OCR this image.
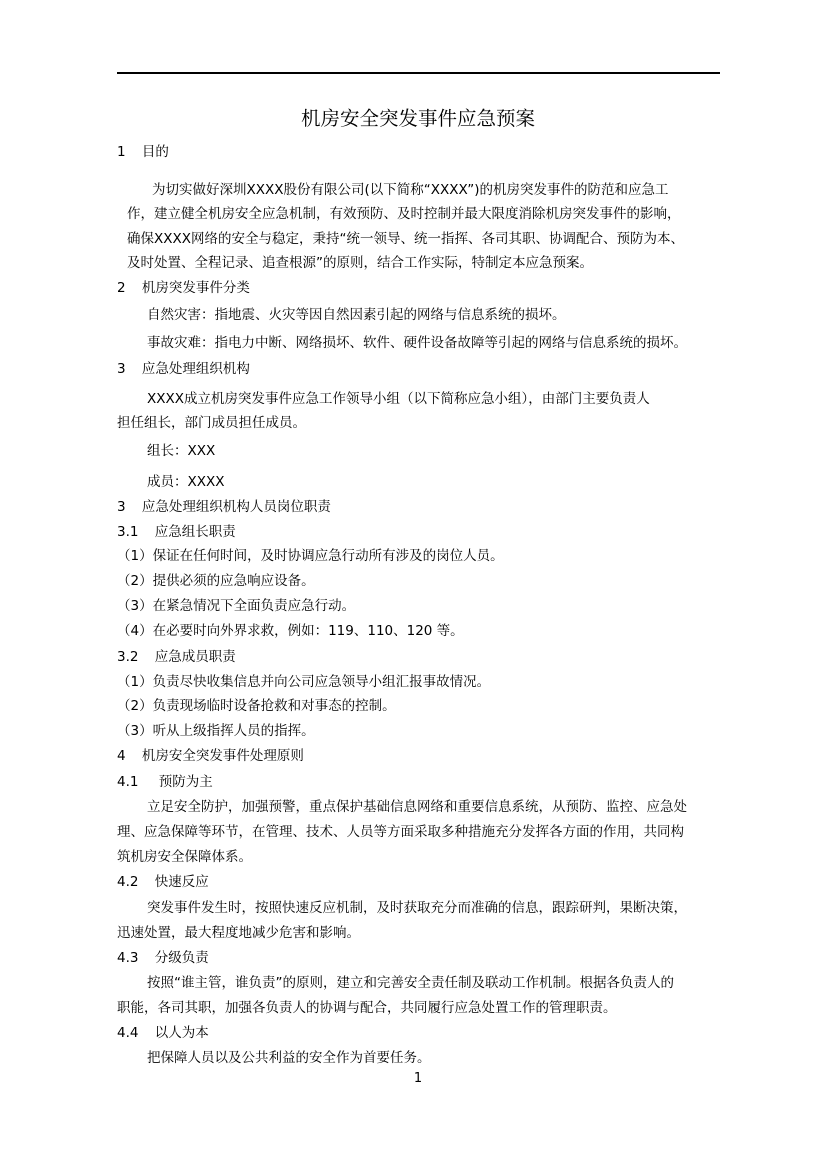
机房安全突发事件应急预案
1 目的
为切实做好深圳XXXX股份有限公司(以下简称“XXXX”)的机房突发事件的防范和应急工
作，建立健全机房安全应急机制，有效预防、及时控制并最大限度消除机房突发事件的影响，
确保XXXX网络的安全与稳定，秉持“统一领导、统一指挥、各司其职、协调配合、预防为本、
及时处置、全程记录、追查根源”的原则，结合工作实际，特制定本应急预案。
2 机房突发事件分类
自然灾害：指地震、火灾等因自然因素引起的网络与信息系统的损坏。
事故灾难：指电力中断、网络损坏、软件、硬件设备故障等引起的网络与信息系统的损坏。
3 应急处理组织机构
XXXX成立机房突发事件应急工作领导小组（以下简称应急小组），由部门主要负责人
担任组长，部门成员担任成员。
组长：XXX
成员：XXXX
3 应急处理组织机构人员岗位职责
3.1 应急组长职责
（1）保证在任何时间，及时协调应急行动所有涉及的岗位人员。
（2）提供必须的应急响应设备。
（3）在紧急情况下全面负责应急行动。
（4）在必要时向外界求救，例如：119、110、120 等。
3.2 应急成员职责
（1）负责尽快收集信息并向公司应急领导小组汇报事故情况。
（2）负责现场临时设备抢救和对事态的控制。
（3）听从上级指挥人员的指挥。
4 机房安全突发事件处理原则
4.1 预防为主
立足安全防护，加强预警，重点保护基础信息网络和重要信息系统，从预防、监控、应急处
理、应急保障等环节，在管理、技术、人员等方面采取多种措施充分发挥各方面的作用，共同构
筑机房安全保障体系。
4.2 快速反应
突发事件发生时，按照快速反应机制，及时获取充分而准确的信息，跟踪研判，果断决策，
迅速处置，最大程度地减少危害和影响。
4.3 分级负责
按照“谁主管，谁负责”的原则，建立和完善安全责任制及联动工作机制。根据各负责人的
职能，各司其职，加强各负责人的协调与配合，共同履行应急处置工作的管理职责。
4.4 以人为本
把保障人员以及公共利益的安全作为首要任务。
1
